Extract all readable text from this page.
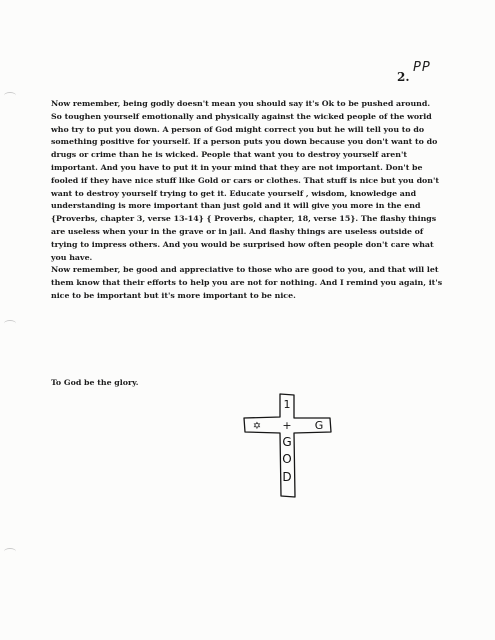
PP
2.

Now remember, being godly doesn't mean you should say it's Ok to be pushed around. So toughen yourself emotionally and physically against the wicked people of the world who try to put you down. A person of God might correct you but he will tell you to do something positive for yourself. If a person puts you down because you don't want to do drugs or crime than he is wicked. People that want you to destroy yourself aren't important. And you have to put it in your mind that they are not important. Don't be fooled if they have nice stuff like Gold or cars or clothes. That stuff is nice but you don't want to destroy yourself trying to get it. Educate yourself , wisdom, knowledge and understanding is more important than just gold and it will give you more in the end {Proverbs, chapter 3, verse 13-14} { Proverbs, chapter, 18, verse 15}. The flashy things are useless when your in the grave or in jail. And flashy things are useless outside of trying to impress others. And you would be surprised how often people don't care what you have.

Now remember, be good and appreciative to those who are good to you, and that will let them know that their efforts to help you are not for nothing. And I remind you again, it's nice to be important but it's more important to be nice.

To God be the glory.
1
+
G
O
D
✡	G
